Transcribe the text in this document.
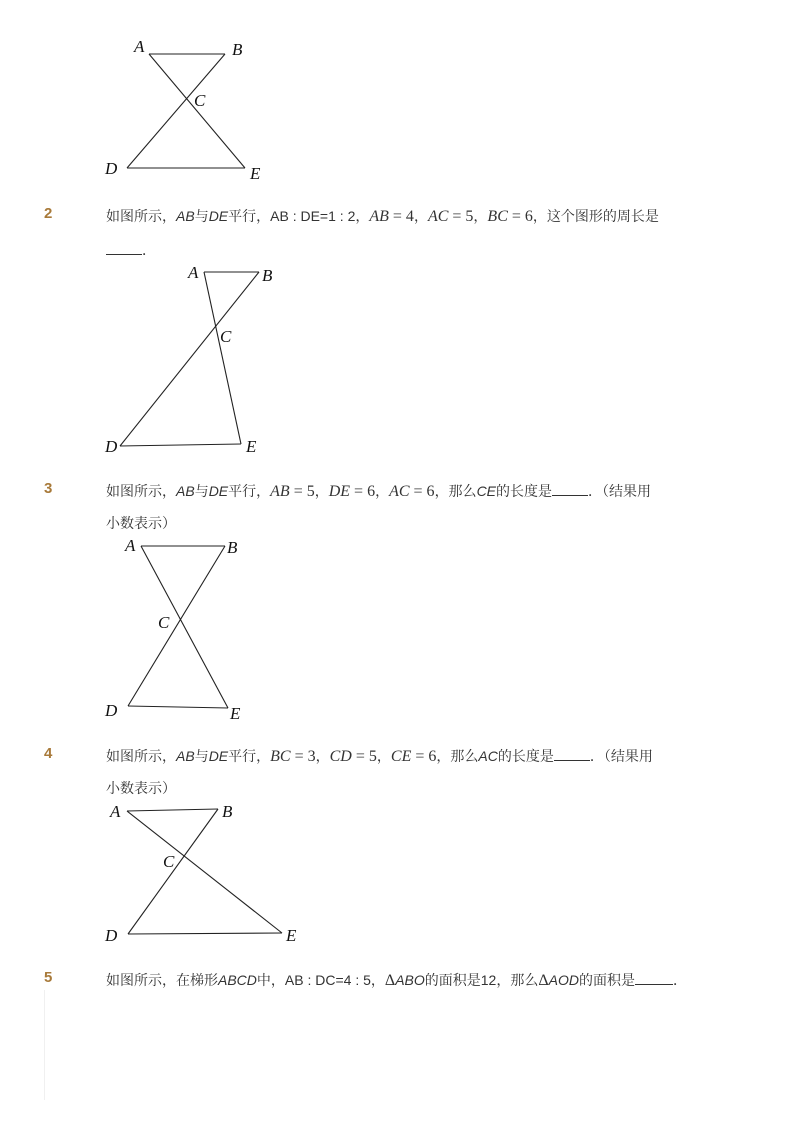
A	B
C
D	E
2	如图所示，AB与DE平行，AB : DE=1 : 2，AB = 4，AC = 5，BC = 6，这个图形的周长是
．
A	B
C
D	E
3	如图所示，AB与DE平行，AB = 5，DE = 6，AC = 6，那么CE的长度是	．（结果用
小数表示）
A	B
C
D	E
4	如图所示，AB与DE平行，BC = 3，CD = 5，CE = 6，那么AC的长度是	．（结果用
小数表示）
A	B
C
D	E
5	如图所示，在梯形ABCD中，AB : DC=4 : 5，ΔABO的面积是12，那么ΔAOD的面积是	．
